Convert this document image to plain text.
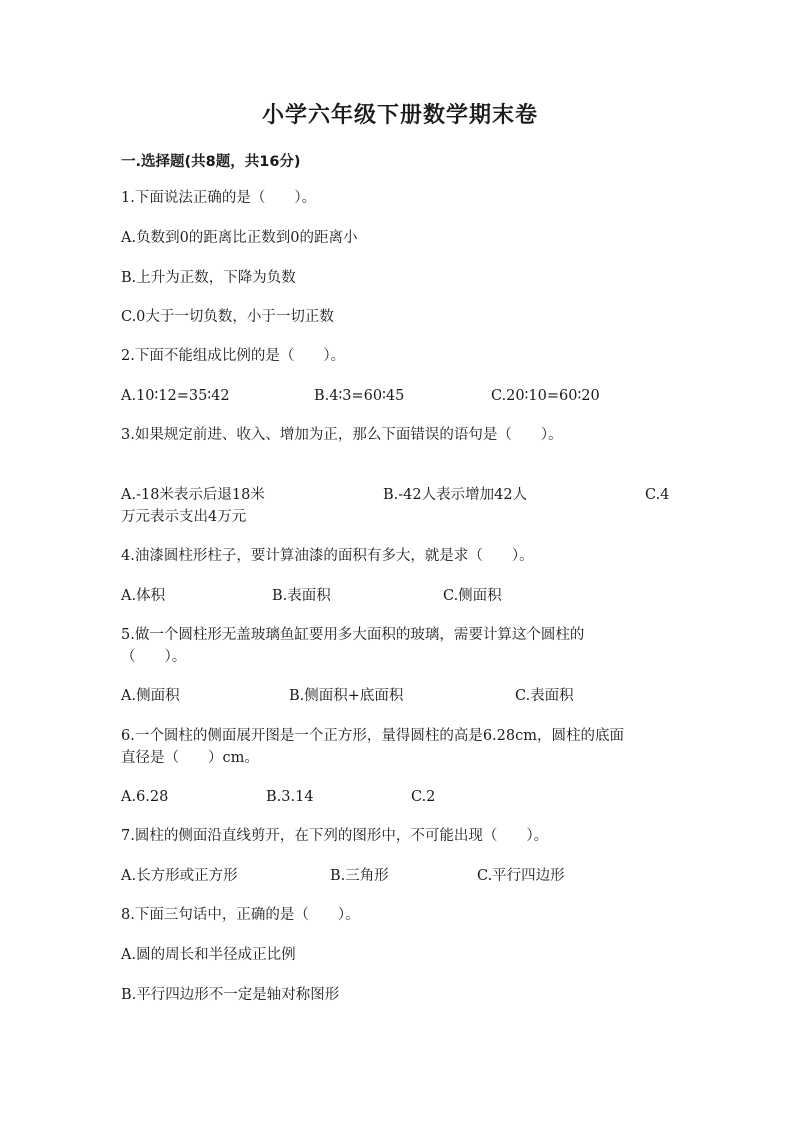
小学六年级下册数学期末卷
一.选择题(共8题，共16分)
1.下面说法正确的是（　　）。
A.负数到0的距离比正数到0的距离小
B.上升为正数，下降为负数
C.0大于一切负数，小于一切正数
2.下面不能组成比例的是（　　）。
A.10∶12=35∶42	B.4∶3=60∶45	C.20∶10=60∶20
3.如果规定前进、收入、增加为正，那么下面错误的语句是（　　）。
A.-18米表示后退18米	B.-42人表示增加42人	C.4
万元表示支出4万元
4.油漆圆柱形柱子，要计算油漆的面积有多大，就是求（　　）。
A.体积	B.表面积	C.侧面积
5.做一个圆柱形无盖玻璃鱼缸要用多大面积的玻璃，需要计算这个圆柱的
（　　）。
A.侧面积	B.侧面积+底面积	C.表面积
6.一个圆柱的侧面展开图是一个正方形，量得圆柱的高是6.28cm，圆柱的底面
直径是（　　）cm。
A.6.28	B.3.14	C.2
7.圆柱的侧面沿直线剪开，在下列的图形中，不可能出现（　　）。
A.长方形或正方形	B.三角形	C.平行四边形
8.下面三句话中，正确的是（　　）。
A.圆的周长和半径成正比例
B.平行四边形不一定是轴对称图形
